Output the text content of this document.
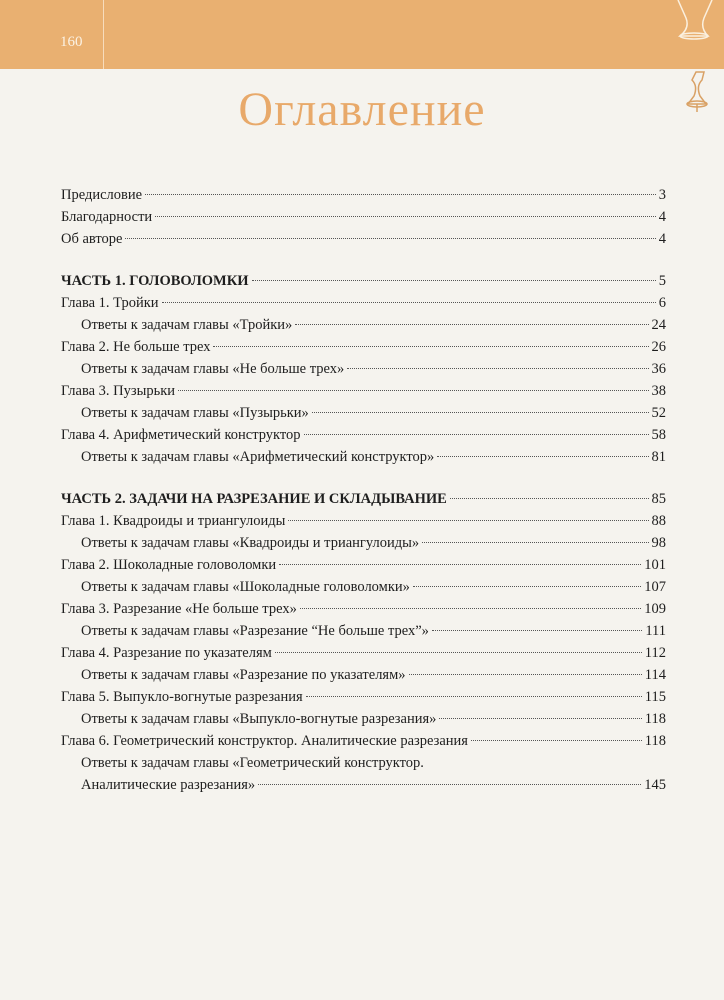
160
Оглавление
Предисловие	3
Благодарности	4
Об авторе	4
ЧАСТЬ 1. ГОЛОВОЛОМКИ	5
Глава 1. Тройки	6
Ответы к задачам главы «Тройки»	24
Глава 2. Не больше трех	26
Ответы к задачам главы «Не больше трех»	36
Глава 3. Пузырьки	38
Ответы к задачам главы «Пузырьки»	52
Глава 4. Арифметический конструктор	58
Ответы к задачам главы «Арифметический конструктор»	81
ЧАСТЬ 2. ЗАДАЧИ НА РАЗРЕЗАНИЕ И СКЛАДЫВАНИЕ	85
Глава 1. Квадроиды и триангулоиды	88
Ответы к задачам главы «Квадроиды и триангулоиды»	98
Глава 2. Шоколадные головоломки	101
Ответы к задачам главы «Шоколадные головоломки»	107
Глава 3. Разрезание «Не больше трех»	109
Ответы к задачам главы «Разрезание “Не больше трех”»	111
Глава 4. Разрезание по указателям	112
Ответы к задачам главы «Разрезание по указателям»	114
Глава 5. Выпукло-вогнутые разрезания	115
Ответы к задачам главы «Выпукло-вогнутые разрезания»	118
Глава 6. Геометрический конструктор. Аналитические разрезания	118
Ответы к задачам главы «Геометрический конструктор.
Аналитические разрезания»	145
